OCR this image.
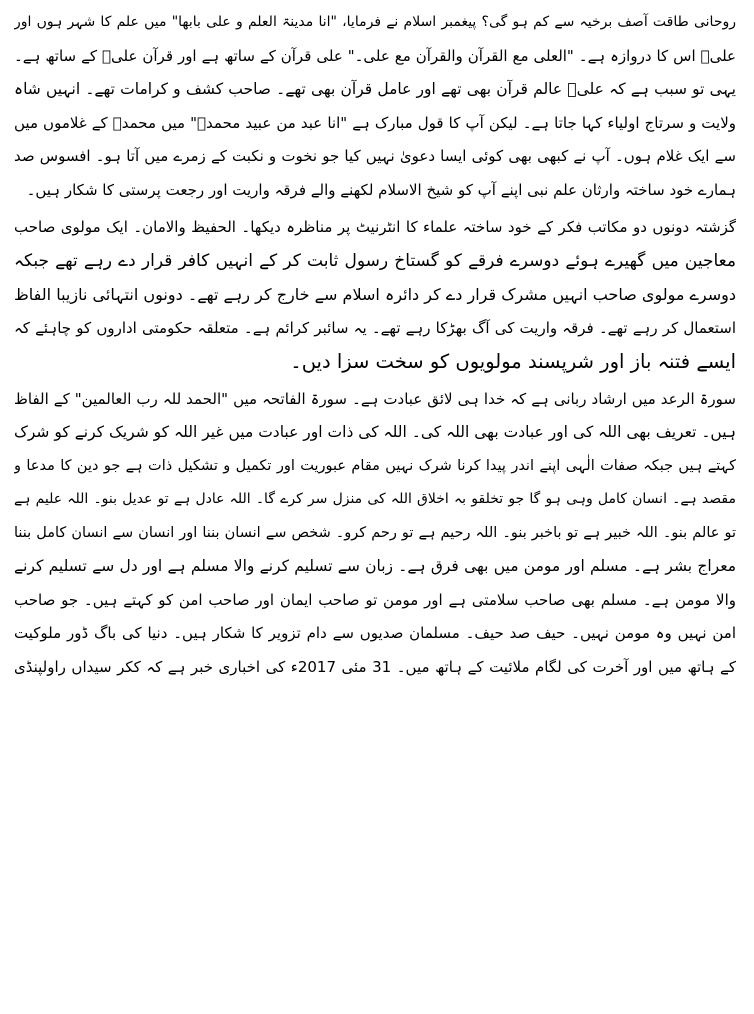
روحانی طاقت آصف برخیہ سے کم ہو گی؟ پیغمبر اسلام نے فرمایا، "انا مدینۃ العلم و علی بابھا" میں علم کا شہر ہوں اور
علیؑ اس کا دروازہ ہے۔ "العلی مع القرآن والقرآن مع علی۔" علی قرآن کے ساتھ ہے اور قرآن علیؑ کے ساتھ ہے۔
یہی تو سبب ہے کہ علیؑ عالم قرآن بھی تھے اور عامل قرآن بھی تھے۔ صاحب کشف و کرامات تھے۔ انہیں شاہ
ولایت و سرتاج اولیاء کہا جاتا ہے۔ لیکن آپ کا قول مبارک ہے "انا عبد من عبید محمدؐ" میں محمدؐ کے غلاموں میں
سے ایک غلام ہوں۔ آپ نے کبھی بھی کوئی ایسا دعویٰ نہیں کیا جو نخوت و نکبت کے زمرے میں آتا ہو۔ افسوس صد
ہمارے خود ساختہ وارثان علم نبی اپنے آپ کو شیخ الاسلام لکھنے والے فرقہ واریت اور رجعت پرستی کا شکار ہیں۔
گزشتہ دونوں دو مکاتب فکر کے خود ساختہ علماء کا انٹرنیٹ پر مناظرہ دیکھا۔ الحفیظ والامان۔ ایک مولوی صاحب
معاجین میں گھیرے ہوئے دوسرے فرقے کو گستاخ رسول ثابت کر کے انہیں کافر قرار دے رہے تھے جبکہ
دوسرے مولوی صاحب انہیں مشرک قرار دے کر دائرہ اسلام سے خارج کر رہے تھے۔ دونوں انتہائی نازیبا الفاظ
استعمال کر رہے تھے۔ فرقہ واریت کی آگ بھڑکا رہے تھے۔ یہ سائبر کرائم ہے۔ متعلقہ حکومتی اداروں کو چاہئے کہ
ایسے فتنہ باز اور شرپسند مولویوں کو سخت سزا دیں۔
سورۃ الرعد میں ارشاد ربانی ہے کہ خدا ہی لائق عبادت ہے۔ سورۃ الفاتحہ میں "الحمد للہ رب العالمین" کے الفاظ
ہیں۔ تعریف بھی اللہ کی اور عبادت بھی اللہ کی۔ اللہ کی ذات اور عبادت میں غیر اللہ کو شریک کرنے کو شرک
کہتے ہیں جبکہ صفات الٰہی اپنے اندر پیدا کرنا شرک نہیں مقام عبوریت اور تکمیل و تشکیل ذات ہے جو دین کا مدعا و
مقصد ہے۔ انسان کامل وہی ہو گا جو تخلقو بہ اخلاق اللہ کی منزل سر کرے گا۔ اللہ عادل ہے تو عدیل بنو۔ اللہ علیم ہے
تو عالم بنو۔ اللہ خبیر ہے تو باخبر بنو۔ اللہ رحیم ہے تو رحم کرو۔ شخص سے انسان بننا اور انسان سے انسان کامل بننا
معراج بشر ہے۔ مسلم اور مومن میں بھی فرق ہے۔ زبان سے تسلیم کرنے والا مسلم ہے اور دل سے تسلیم کرنے
والا مومن ہے۔ مسلم بھی صاحب سلامتی ہے اور مومن تو صاحب ایمان اور صاحب امن کو کہتے ہیں۔ جو صاحب
امن نہیں وہ مومن نہیں۔ حیف صد حیف۔ مسلمان صدیوں سے دام تزویر کا شکار ہیں۔ دنیا کی باگ ڈور ملوکیت
کے ہاتھ میں اور آخرت کی لگام ملائیت کے ہاتھ میں۔ 31 مئی 2017ء کی اخباری خبر ہے کہ ککر سیداں راولپنڈی
